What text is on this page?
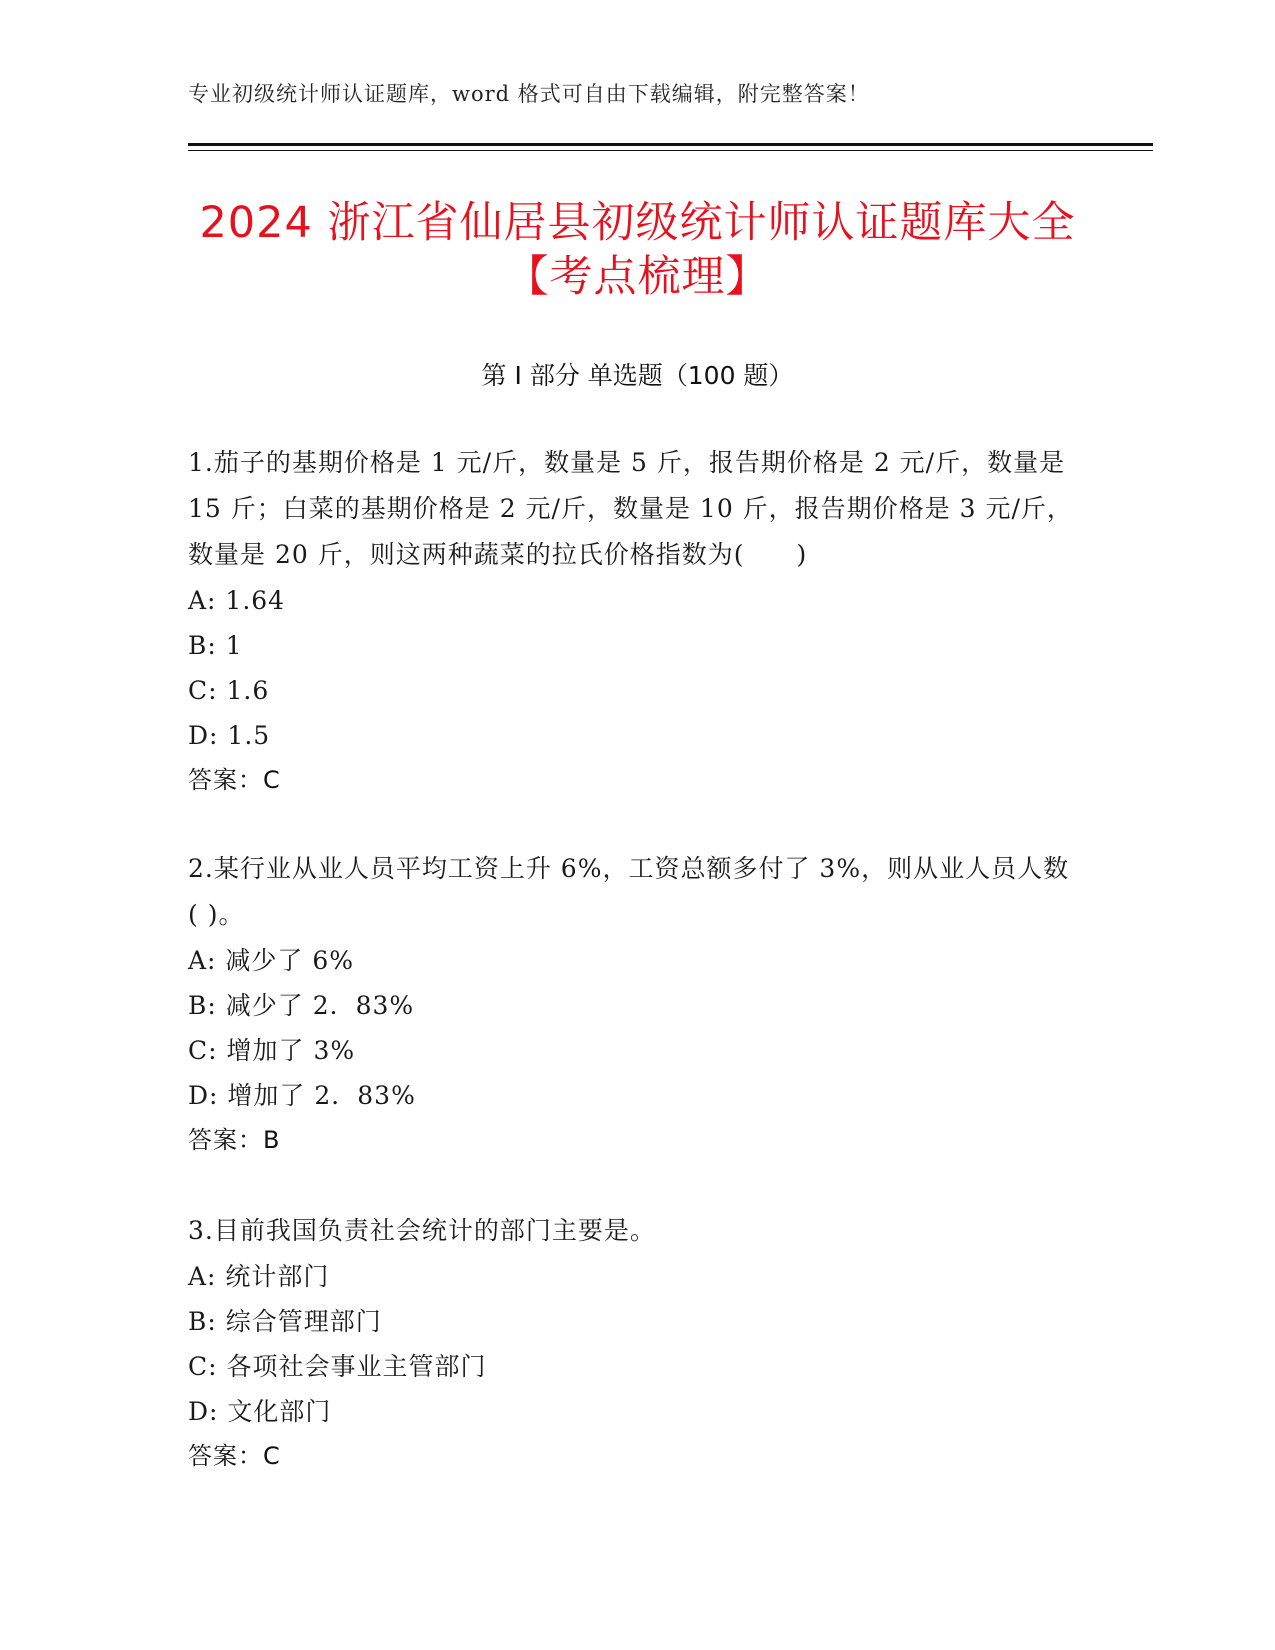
专业初级统计师认证题库，word 格式可自由下载编辑，附完整答案！
2024 浙江省仙居县初级统计师认证题库大全
【考点梳理】
第 I 部分 单选题（100 题）
1.茄子的基期价格是 1 元/斤，数量是 5 斤，报告期价格是 2 元/斤，数量是 15 斤；白菜的基期价格是 2 元/斤，数量是 10 斤，报告期价格是 3 元/斤，数量是 20 斤，则这两种蔬菜的拉氏价格指数为(　　)
A: 1.64
B: 1
C: 1.6
D: 1.5
答案：C
2.某行业从业人员平均工资上升 6%，工资总额多付了 3%，则从业人员人数( )。
A: 减少了 6%
B: 减少了 2．83%
C: 增加了 3%
D: 增加了 2．83%
答案：B
3.目前我国负责社会统计的部门主要是。
A: 统计部门
B: 综合管理部门
C: 各项社会事业主管部门
D: 文化部门
答案：C
